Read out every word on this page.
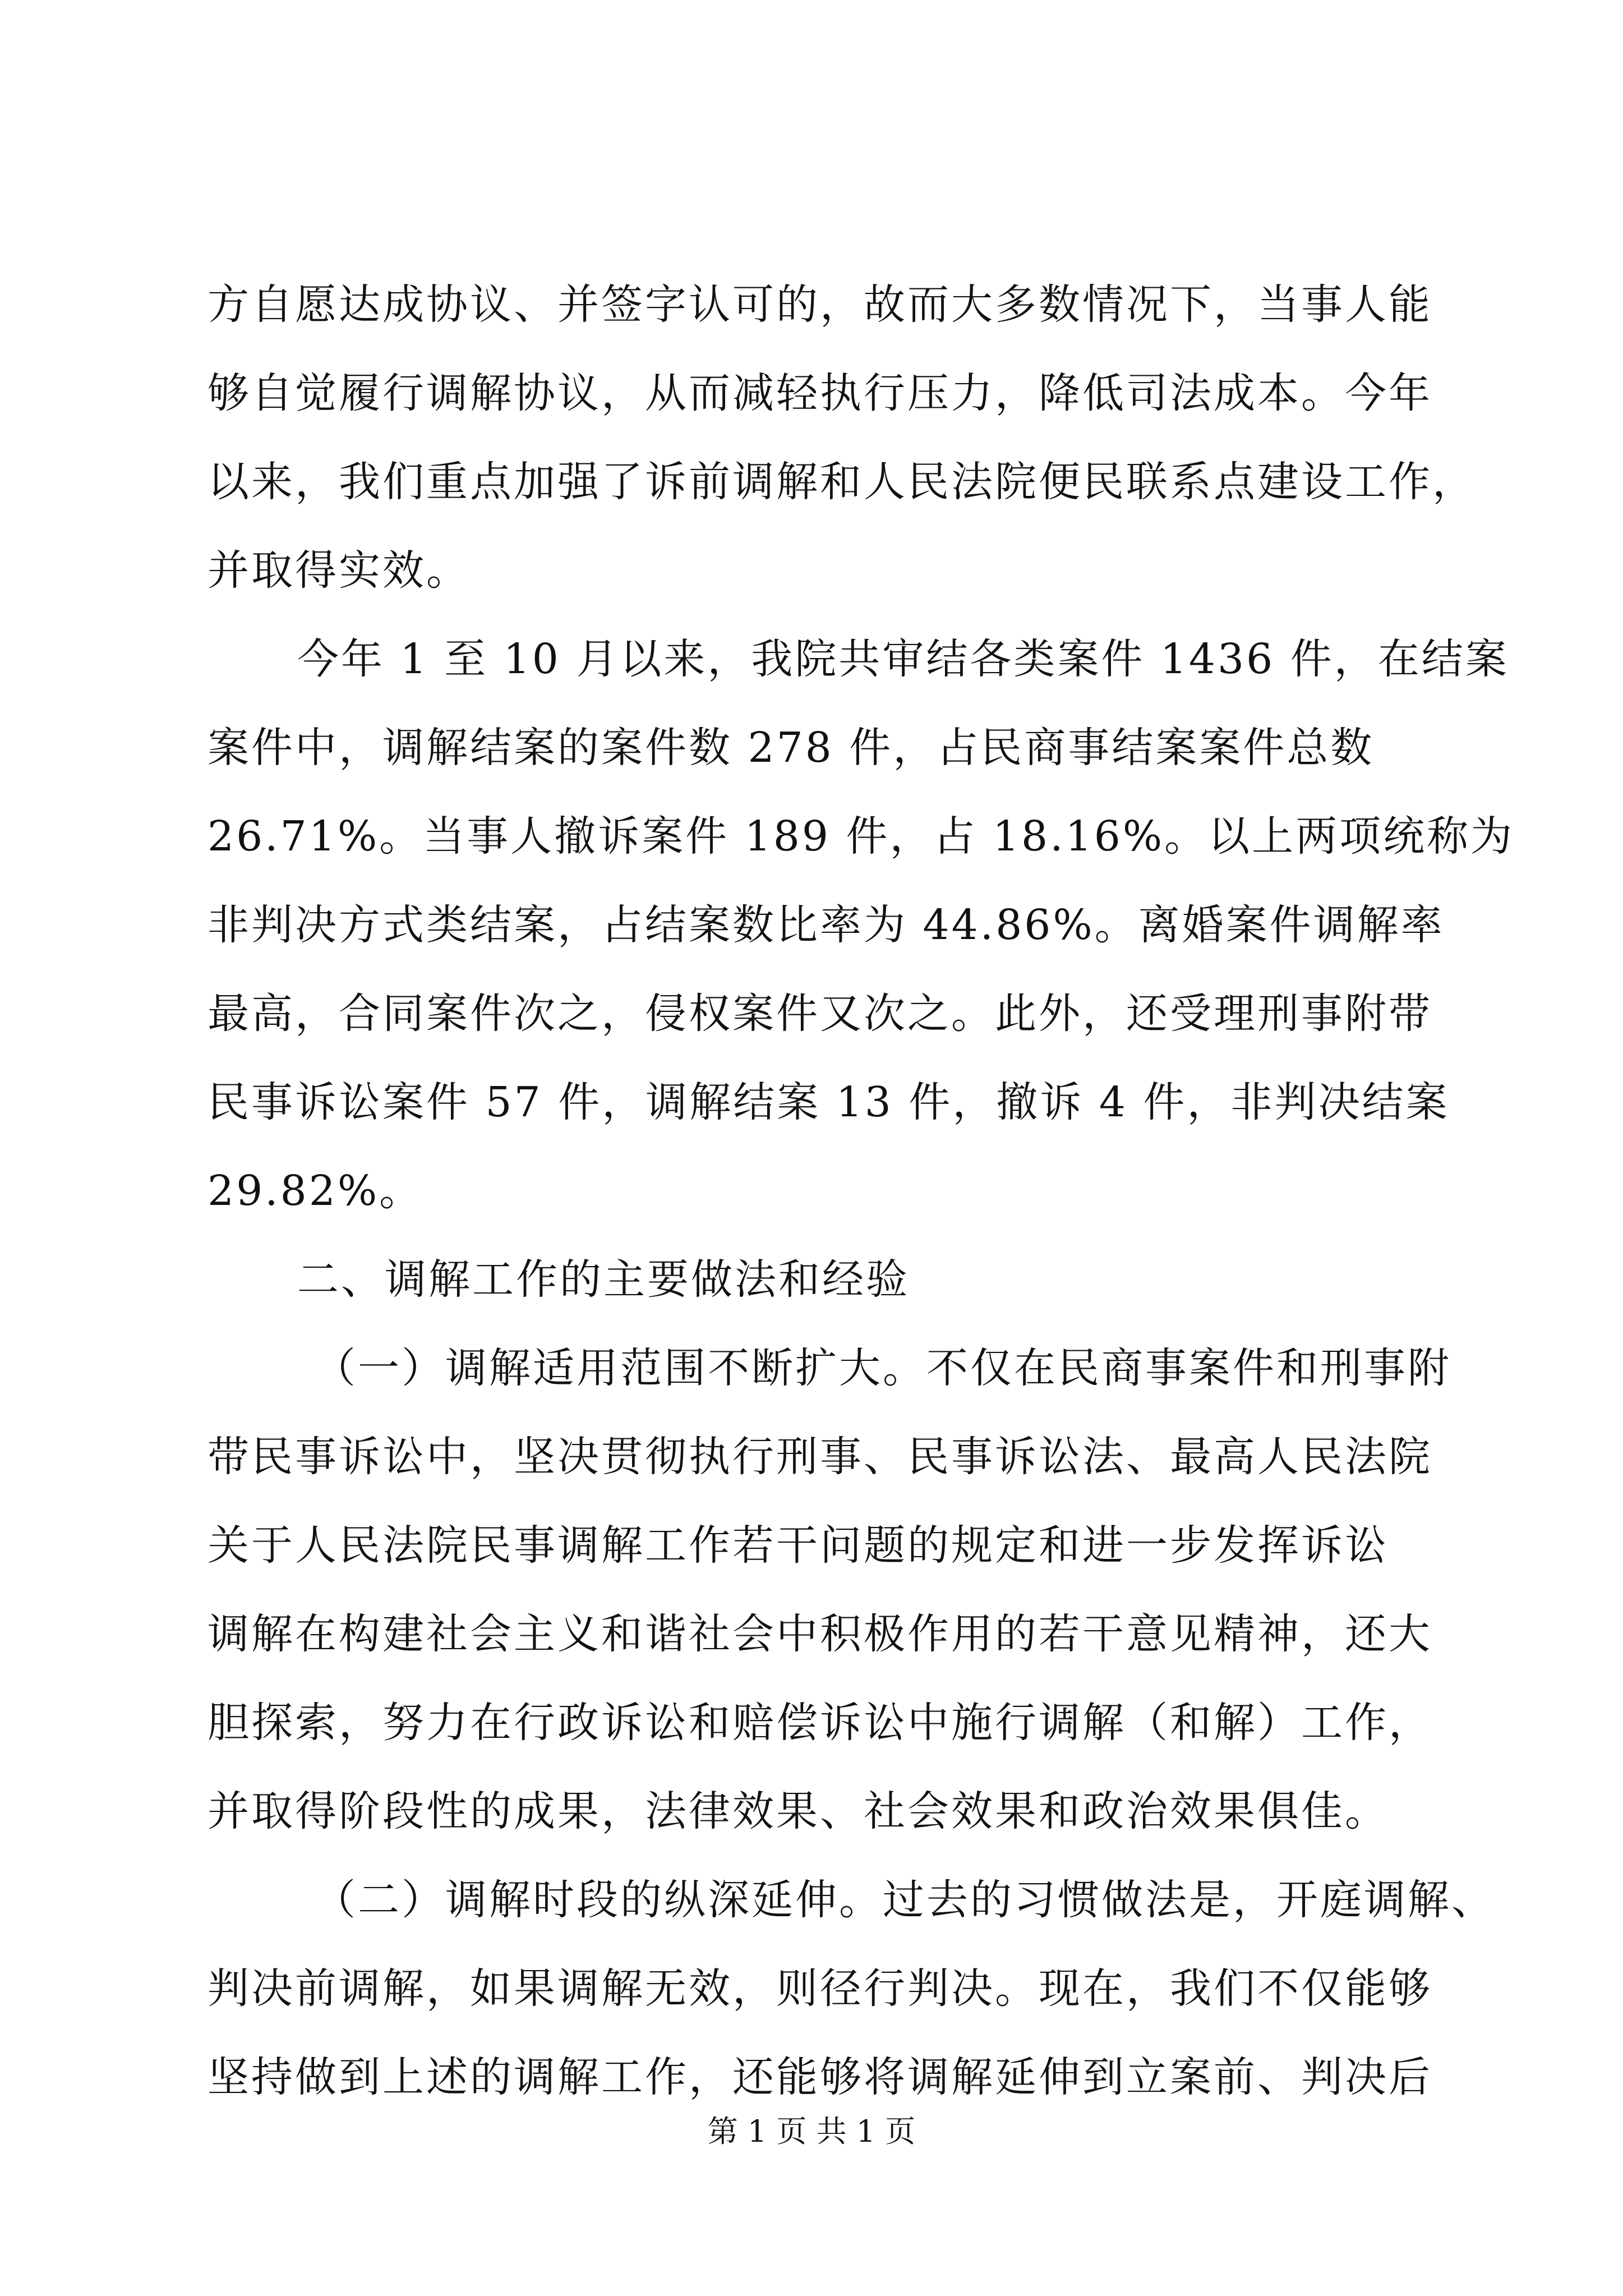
方自愿达成协议、并签字认可的，故而大多数情况下，当事人能
够自觉履行调解协议，从而减轻执行压力，降低司法成本。今年
以来，我们重点加强了诉前调解和人民法院便民联系点建设工作，
并取得实效。
今年 1 至 10 月以来，我院共审结各类案件 1436 件，在结案
案件中，调解结案的案件数 278 件，占民商事结案案件总数
26.71%。当事人撤诉案件 189 件，占 18.16%。以上两项统称为
非判决方式类结案，占结案数比率为 44.86%。离婚案件调解率
最高，合同案件次之，侵权案件又次之。此外，还受理刑事附带
民事诉讼案件 57 件，调解结案 13 件，撤诉 4 件，非判决结案
29.82%。
二、调解工作的主要做法和经验
（一）调解适用范围不断扩大。不仅在民商事案件和刑事附
带民事诉讼中，坚决贯彻执行刑事、民事诉讼法、最高人民法院
关于人民法院民事调解工作若干问题的规定和进一步发挥诉讼
调解在构建社会主义和谐社会中积极作用的若干意见精神，还大
胆探索，努力在行政诉讼和赔偿诉讼中施行调解（和解）工作，
并取得阶段性的成果，法律效果、社会效果和政治效果俱佳。
（二）调解时段的纵深延伸。过去的习惯做法是，开庭调解、
判决前调解，如果调解无效，则径行判决。现在，我们不仅能够
坚持做到上述的调解工作，还能够将调解延伸到立案前、判决后
第 1 页 共 1 页
